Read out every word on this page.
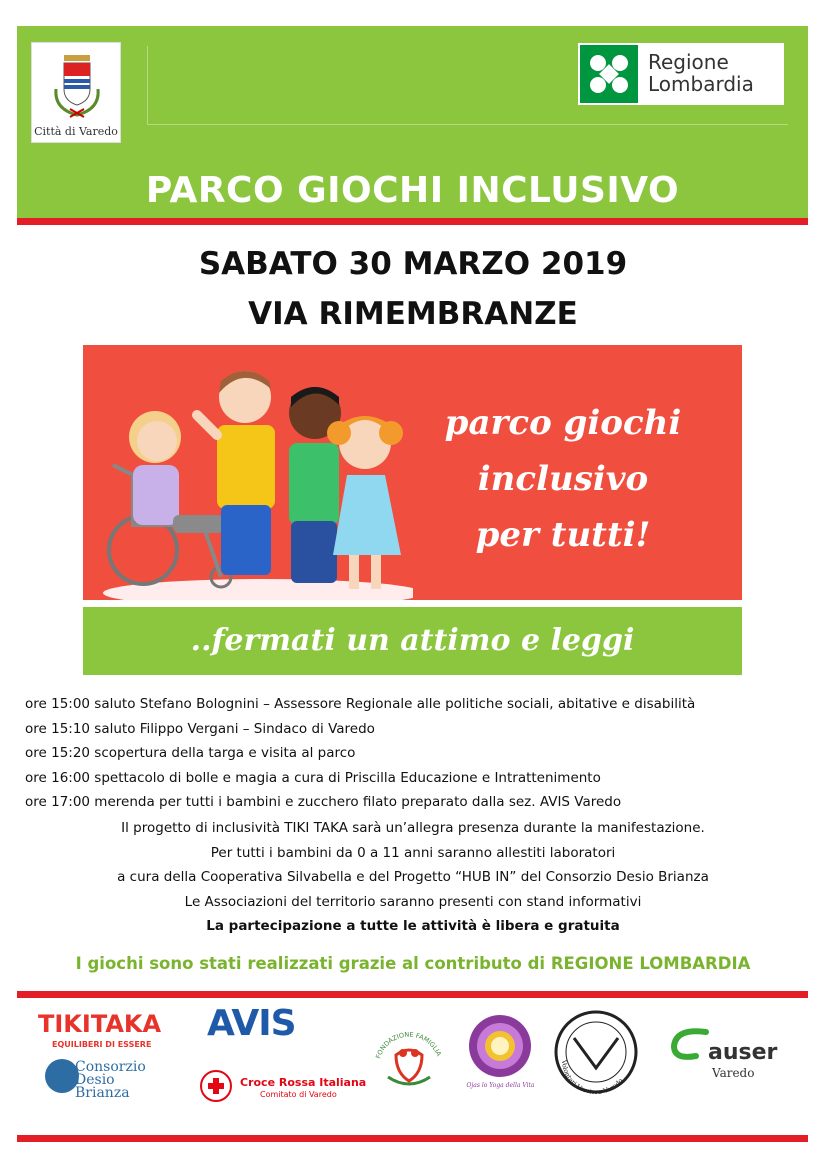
Città di Varedo
Regione
Lombardia
PARCO GIOCHI INCLUSIVO
SABATO 30 MARZO 2019
VIA RIMEMBRANZE
parco giochi
inclusivo
per tutti!
..fermati un attimo e leggi
ore 15:00 saluto Stefano Bolognini – Assessore Regionale alle politiche sociali, abitative e disabilità
ore 15:10 saluto Filippo Vergani – Sindaco di Varedo
ore 15:20 scopertura della targa e visita al parco
ore 16:00 spettacolo di bolle e magia a cura di Priscilla Educazione e Intrattenimento
ore 17:00 merenda per tutti i bambini e zucchero filato preparato dalla sez. AVIS Varedo
Il progetto di inclusività TIKI TAKA sarà un’allegra presenza durante la manifestazione.
Per tutti i bambini da 0 a 11 anni saranno allestiti laboratori
a cura della Cooperativa Silvabella e del Progetto “HUB IN” del Consorzio Desio Brianza
Le Associazioni del territorio saranno presenti con stand informativi
La partecipazione a tutte le attività è libera e gratuita
I giochi sono stati realizzati grazie al contributo di REGIONE LOMBARDIA
TIKITAKA
EQUILIBERI DI ESSERE
Consorzio
Desio
Brianza
AVIS
Croce Rossa Italiana
Comitato di Varedo
FONDAZIONE FAMIGLIA
Ojas lo Yoga della Vita
Volontari Versiera Varedo
auser
Varedo
